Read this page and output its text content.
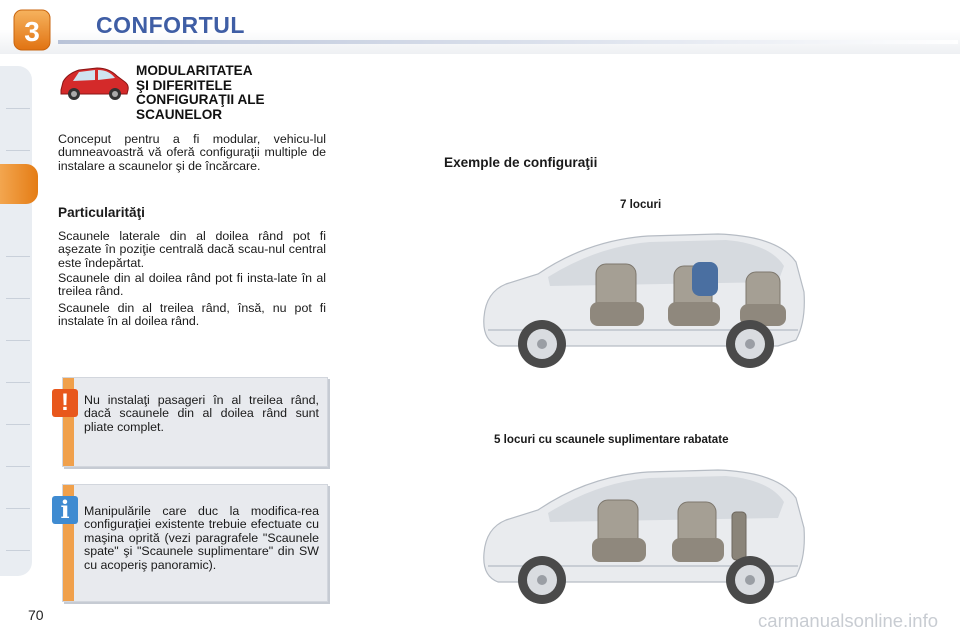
3 CONFORTUL
MODULARITATEA
ŞI DIFERITELE
CONFIGURAŢII ALE
SCAUNELOR
Conceput pentru a fi modular, vehicu-lul dumneavoastră vă oferă configuraţii multiple de instalare a scaunelor şi de încărcare.
Particularităţi
Scaunele laterale din al doilea rând pot fi aşezate în poziţie centrală dacă scau-nul central este îndepărtat.
Scaunele din al doilea rând pot fi insta-late în al treilea rând.
Scaunele din al treilea rând, însă, nu pot fi instalate în al doilea rând.
Nu instalaţi pasageri în al treilea rând, dacă scaunele din al doilea rând sunt pliate complet.
!
Manipulările care duc la modifica-rea configuraţiei existente trebuie efectuate cu maşina oprită (vezi paragrafele "Scaunele spate" şi "Scaunele suplimentare" din SW cu acoperiş panoramic).
i
Exemple de configuraţii
7 locuri
5 locuri cu scaunele suplimentare rabatate
70	carmanualsonline.info
